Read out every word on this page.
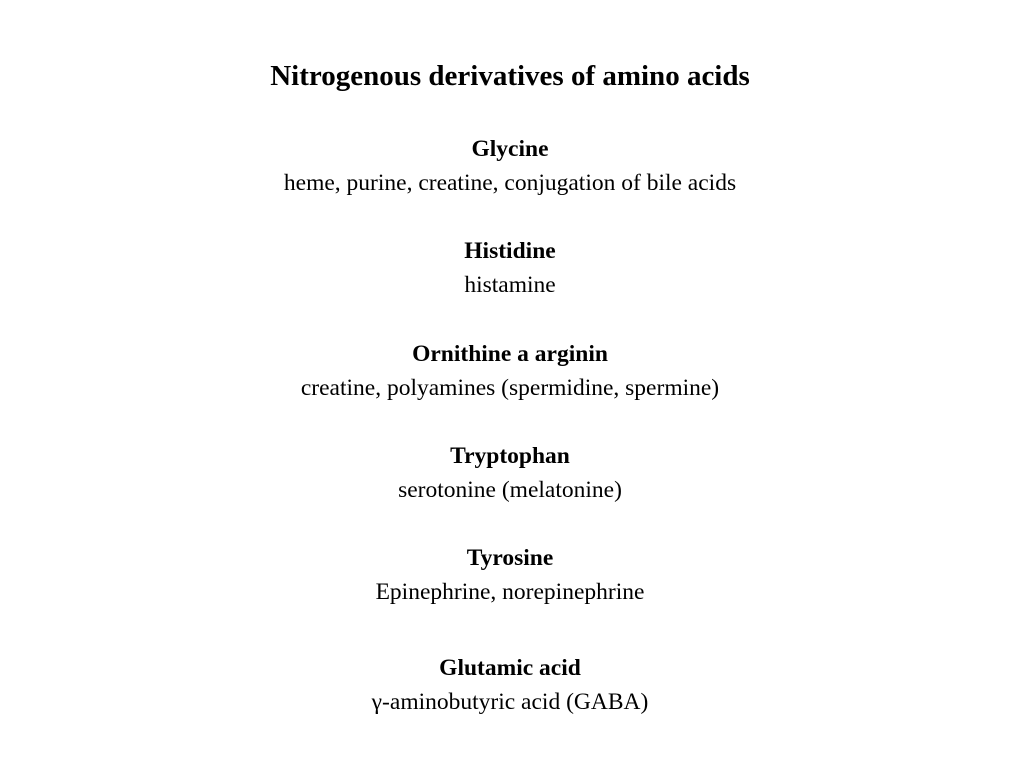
Nitrogenous derivatives of amino acids
Glycine
heme, purine, creatine, conjugation of bile acids
Histidine
histamine
Ornithine a arginin
creatine, polyamines (spermidine, spermine)
Tryptophan
serotonine (melatonine)
Tyrosine
Epinephrine, norepinephrine
Glutamic acid
γ-aminobutyric acid (GABA)
